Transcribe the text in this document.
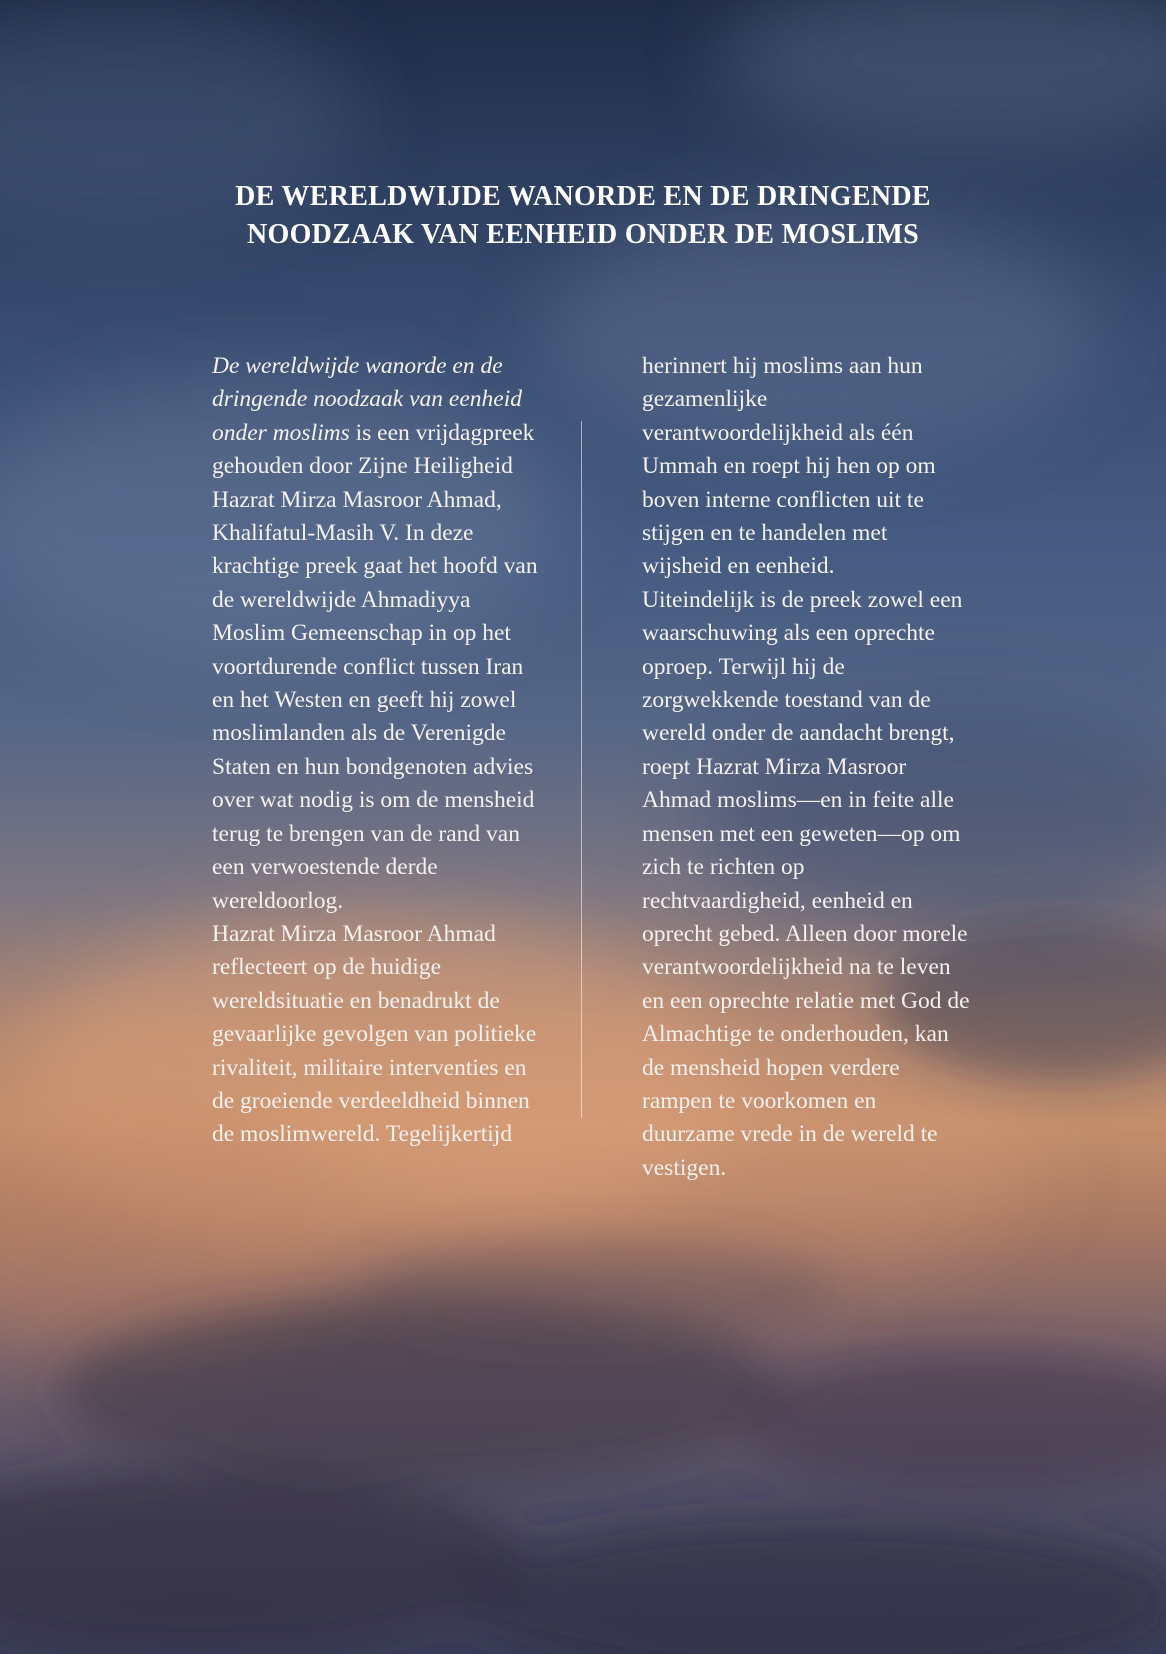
DE WERELDWIJDE WANORDE EN DE DRINGENDE
NOODZAAK VAN EENHEID ONDER DE MOSLIMS

De wereldwijde wanorde en de dringende noodzaak van eenheid onder moslims is een vrijdagpreek gehouden door Zijne Heiligheid Hazrat Mirza Masroor Ahmad, Khalifatul-Masih V. In deze krachtige preek gaat het hoofd van de wereldwijde Ahmadiyya Moslim Gemeenschap in op het voortdurende conflict tussen Iran en het Westen en geeft hij zowel moslimlanden als de Verenigde Staten en hun bondgenoten advies over wat nodig is om de mensheid terug te brengen van de rand van een verwoestende derde wereldoorlog.

Hazrat Mirza Masroor Ahmad reflecteert op de huidige wereldsituatie en benadrukt de gevaarlijke gevolgen van politieke rivaliteit, militaire interventies en de groeiende verdeeldheid binnen de moslimwereld. Tegelijkertijd

herinnert hij moslims aan hun gezamenlijke verantwoordelijkheid als één Ummah en roept hij hen op om boven interne conflicten uit te stijgen en te handelen met wijsheid en eenheid.

Uiteindelijk is de preek zowel een waarschuwing als een oprechte oproep. Terwijl hij de zorgwekkende toestand van de wereld onder de aandacht brengt, roept Hazrat Mirza Masroor Ahmad moslims—en in feite alle mensen met een geweten—op om zich te richten op rechtvaardigheid, eenheid en oprecht gebed. Alleen door morele verantwoordelijkheid na te leven en een oprechte relatie met God de Almachtige te onderhouden, kan de mensheid hopen verdere rampen te voorkomen en duurzame vrede in de wereld te vestigen.
